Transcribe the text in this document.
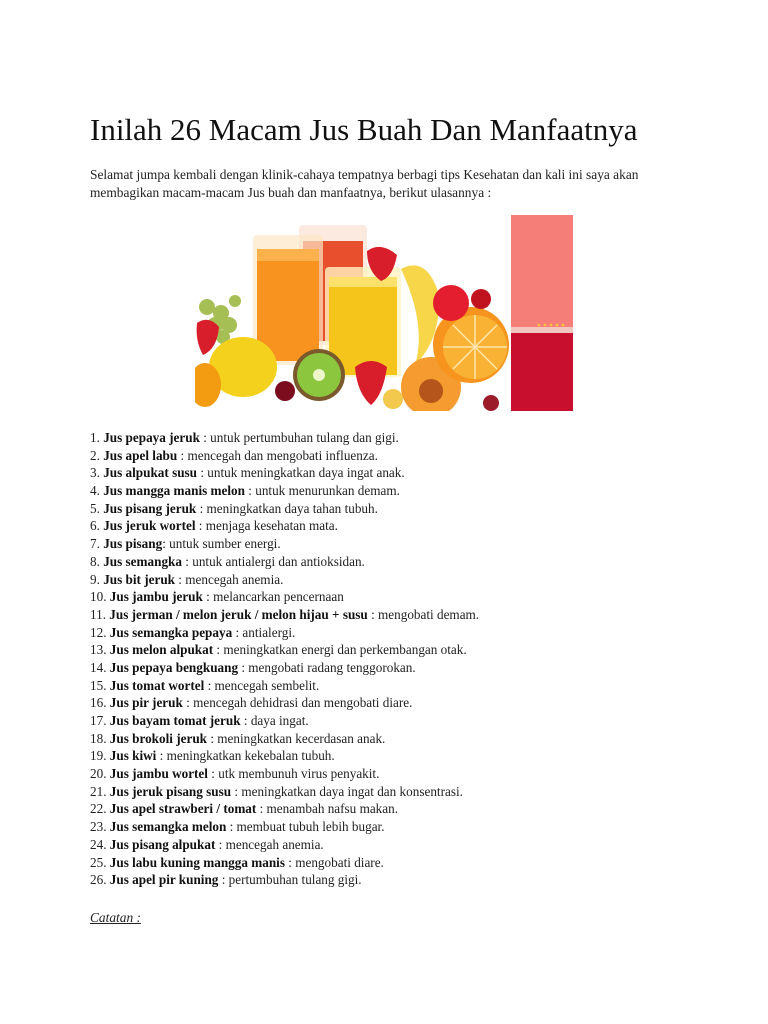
Inilah 26 Macam Jus Buah Dan Manfaatnya

Selamat jumpa kembali dengan klinik-cahaya tempatnya berbagi tips Kesehatan dan kali ini saya akan membagikan macam-macam Jus buah dan manfaatnya, berikut ulasannya :

1. Jus pepaya jeruk : untuk pertumbuhan tulang dan gigi.
2. Jus apel labu : mencegah dan mengobati influenza.
3. Jus alpukat susu : untuk meningkatkan daya ingat anak.
4. Jus mangga manis melon : untuk menurunkan demam.
5. Jus pisang jeruk : meningkatkan daya tahan tubuh.
6. Jus jeruk wortel : menjaga kesehatan mata.
7. Jus pisang: untuk sumber energi.
8. Jus semangka : untuk antialergi dan antioksidan.
9. Jus bit jeruk : mencegah anemia.
10. Jus jambu jeruk : melancarkan pencernaan
11. Jus jerman / melon jeruk / melon hijau + susu : mengobati demam.
12. Jus semangka pepaya : antialergi.
13. Jus melon alpukat : meningkatkan energi dan perkembangan otak.
14. Jus pepaya bengkuang : mengobati radang tenggorokan.
15. Jus tomat wortel : mencegah sembelit.
16. Jus pir jeruk : mencegah dehidrasi dan mengobati diare.
17. Jus bayam tomat jeruk : daya ingat.
18. Jus brokoli jeruk : meningkatkan kecerdasan anak.
19. Jus kiwi : meningkatkan kekebalan tubuh.
20. Jus jambu wortel : utk membunuh virus penyakit.
21. Jus jeruk pisang susu : meningkatkan daya ingat dan konsentrasi.
22. Jus apel strawberi / tomat : menambah nafsu makan.
23. Jus semangka melon : membuat tubuh lebih bugar.
24. Jus pisang alpukat : mencegah anemia.
25. Jus labu kuning mangga manis : mengobati diare.
26. Jus apel pir kuning : pertumbuhan tulang gigi.

Catatan :
